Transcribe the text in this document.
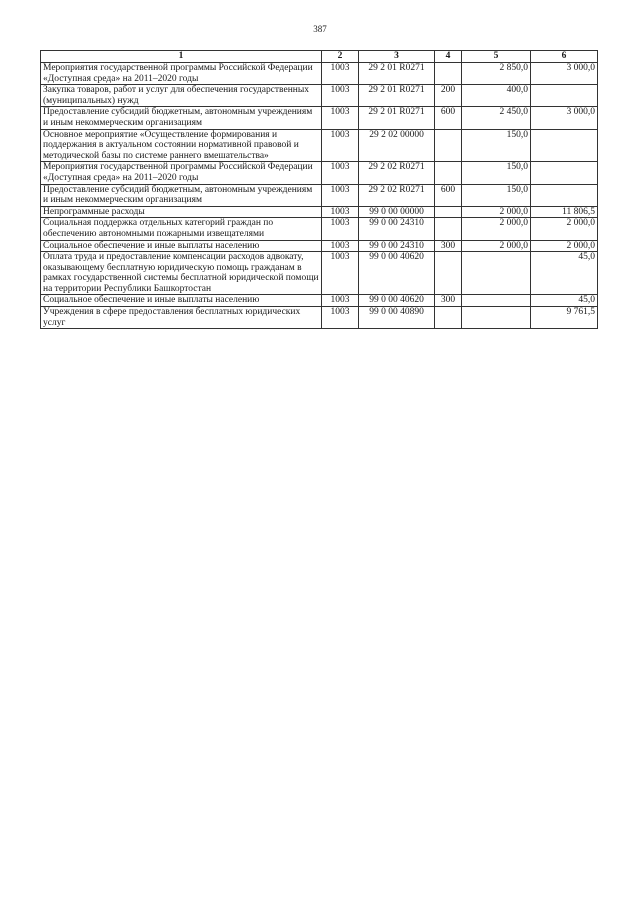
387
1	2	3	4	5	6
Мероприятия государственной программы Российской Федерации «Доступная среда» на 2011–2020 годы	1003	29 2 01 R0271		2 850,0	3 000,0
Закупка товаров, работ и услуг для обеспечения государственных (муниципальных) нужд	1003	29 2 01 R0271	200	400,0	
Предоставление субсидий бюджетным, автономным учреждениям и иным некоммерческим организациям	1003	29 2 01 R0271	600	2 450,0	3 000,0
Основное мероприятие «Осуществление формирования и поддержания в актуальном состоянии нормативной правовой и методической базы по системе раннего вмешательства»	1003	29 2 02 00000		150,0	
Мероприятия государственной программы Российской Федерации «Доступная среда» на 2011–2020 годы	1003	29 2 02 R0271		150,0	
Предоставление субсидий бюджетным, автономным учреждениям и иным некоммерческим организациям	1003	29 2 02 R0271	600	150,0	
Непрограммные расходы	1003	99 0 00 00000		2 000,0	11 806,5
Социальная поддержка отдельных категорий граждан по обеспечению автономными пожарными извещателями	1003	99 0 00 24310		2 000,0	2 000,0
Социальное обеспечение и иные выплаты населению	1003	99 0 00 24310	300	2 000,0	2 000,0
Оплата труда и предоставление компенсации расходов адвокату, оказывающему бесплатную юридическую помощь гражданам в рамках государственной системы бесплатной юридической помощи на территории Республики Башкортостан	1003	99 0 00 40620			45,0
Социальное обеспечение и иные выплаты населению	1003	99 0 00 40620	300		45,0
Учреждения в сфере предоставления бесплатных юридических услуг	1003	99 0 00 40890			9 761,5
